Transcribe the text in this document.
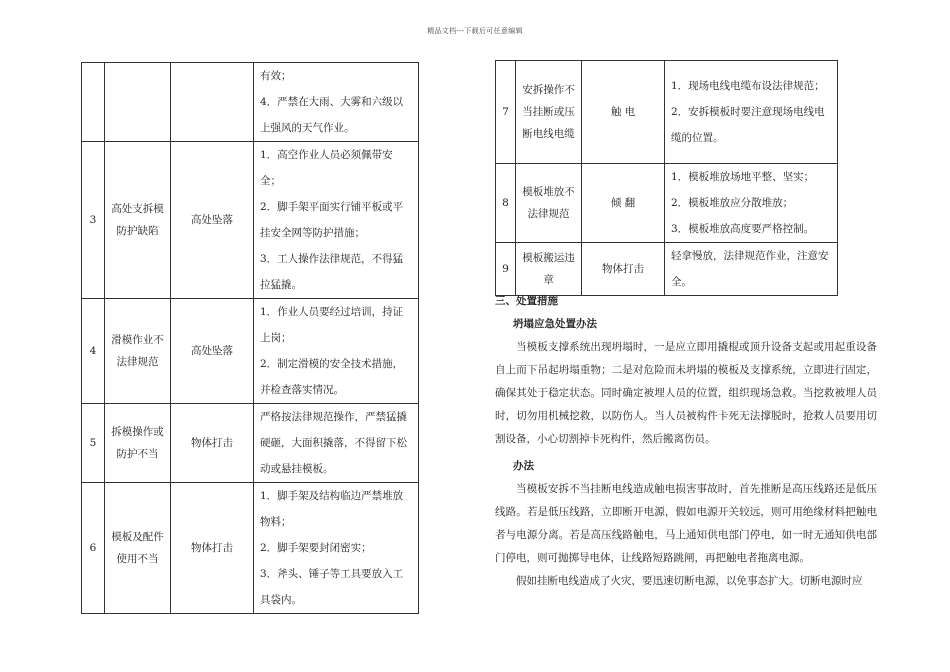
精品文档---下载后可任意编辑

			有效；

4．严禁在大雨、大雾和六级以上强风的天气作业。

3	高处支拆模防护缺陷	高处坠落	1．高空作业人员必须佩带安全；

2．脚手架平面实行铺平板或平挂安全网等防护措施；

3．工人操作法律规范，不得猛拉猛撬。

4	滑模作业不法律规范	高处坠落	1．作业人员要经过培训，持证上岗；

2．制定滑模的安全技术措施，并检查落实情况。

5	拆模操作或防护不当	物体打击	严格按法律规范操作，严禁猛撬硬砸，大面积撬落，不得留下松动或悬挂模板。

6	模板及配件使用不当	物体打击	1．脚手架及结构临边严禁堆放物料；

2．脚手架要封闭密实；

3．斧头、锤子等工具要放入工具袋内。

7	安拆操作不当挂断或压断电线电缆	触 电	1．现场电线电缆布设法律规范；

2．安拆模板时要注意现场电线电缆的位置。

8	模板堆放不法律规范	倾 翻	1．模板堆放场地平整、坚实；

2．模板堆放应分散堆放；

3．模板堆放高度要严格控制。

9	模板搬运违章	物体打击	轻拿慢放，法律规范作业，注意安全。

三、处置措施

坍塌应急处置办法

当模板支撑系统出现坍塌时，一是应立即用撬棍或顶升设备支起或用起重设备自上而下吊起坍塌重物；二是对危险而未坍塌的模板及支撑系统，立即进行固定，确保其处于稳定状态。同时确定被埋人员的位置，组织现场急救。当挖救被埋人员时，切勿用机械挖救，以防伤人。当人员被构件卡死无法撑脱时，抢救人员要用切割设备，小心切割掉卡死构件，然后搬离伤员。

办法

当模板安拆不当挂断电线造成触电损害事故时，首先推断是高压线路还是低压线路。若是低压线路，立即断开电源，假如电源开关较远，则可用绝缘材料把触电者与电源分离。若是高压线路触电，马上通知供电部门停电，如一时无通知供电部门停电，则可抛掷导电体，让线路短路跳闸，再把触电者拖离电源。

假如挂断电线造成了火灾，要迅速切断电源，以免事态扩大。切断电源时应
